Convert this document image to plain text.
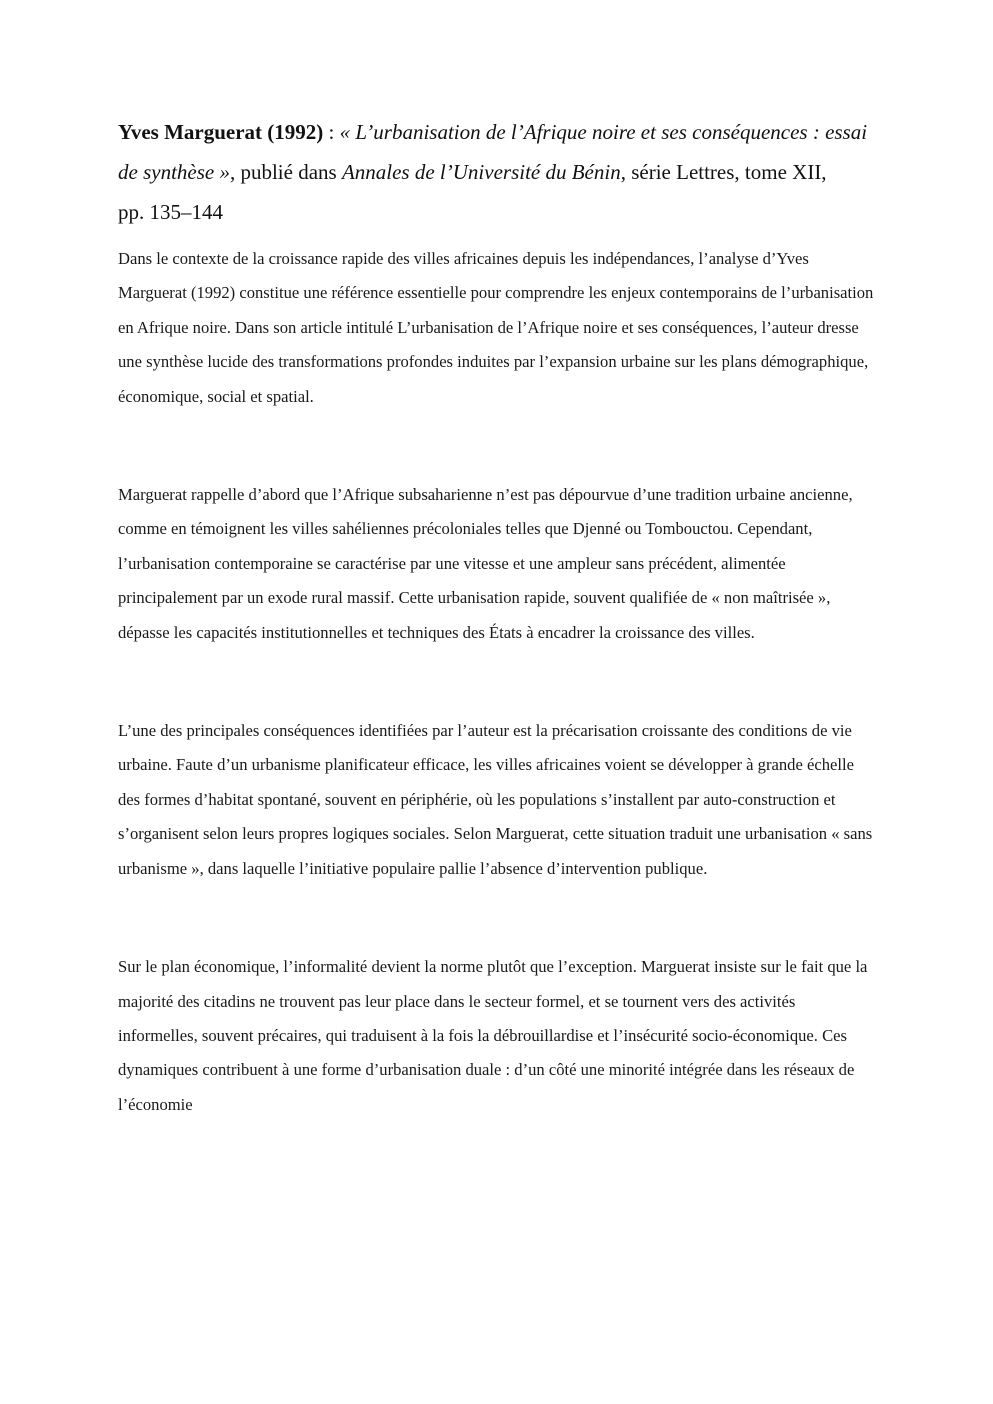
Yves Marguerat (1992) : « L’urbanisation de l’Afrique noire et ses conséquences : essai de synthèse », publié dans Annales de l’Université du Bénin, série Lettres, tome XII, pp. 135–144

Dans le contexte de la croissance rapide des villes africaines depuis les indépendances, l’analyse d’Yves Marguerat (1992) constitue une référence essentielle pour comprendre les enjeux contemporains de l’urbanisation en Afrique noire. Dans son article intitulé L’urbanisation de l’Afrique noire et ses conséquences, l’auteur dresse une synthèse lucide des transformations profondes induites par l’expansion urbaine sur les plans démographique, économique, social et spatial.

Marguerat rappelle d’abord que l’Afrique subsaharienne n’est pas dépourvue d’une tradition urbaine ancienne, comme en témoignent les villes sahéliennes précoloniales telles que Djenné ou Tombouctou. Cependant, l’urbanisation contemporaine se caractérise par une vitesse et une ampleur sans précédent, alimentée principalement par un exode rural massif. Cette urbanisation rapide, souvent qualifiée de « non maîtrisée », dépasse les capacités institutionnelles et techniques des États à encadrer la croissance des villes.

L’une des principales conséquences identifiées par l’auteur est la précarisation croissante des conditions de vie urbaine. Faute d’un urbanisme planificateur efficace, les villes africaines voient se développer à grande échelle des formes d’habitat spontané, souvent en périphérie, où les populations s’installent par auto-construction et s’organisent selon leurs propres logiques sociales. Selon Marguerat, cette situation traduit une urbanisation « sans urbanisme », dans laquelle l’initiative populaire pallie l’absence d’intervention publique.

Sur le plan économique, l’informalité devient la norme plutôt que l’exception. Marguerat insiste sur le fait que la majorité des citadins ne trouvent pas leur place dans le secteur formel, et se tournent vers des activités informelles, souvent précaires, qui traduisent à la fois la débrouillardise et l’insécurité socio-économique. Ces dynamiques contribuent à une forme d’urbanisation duale : d’un côté une minorité intégrée dans les réseaux de l’économie
